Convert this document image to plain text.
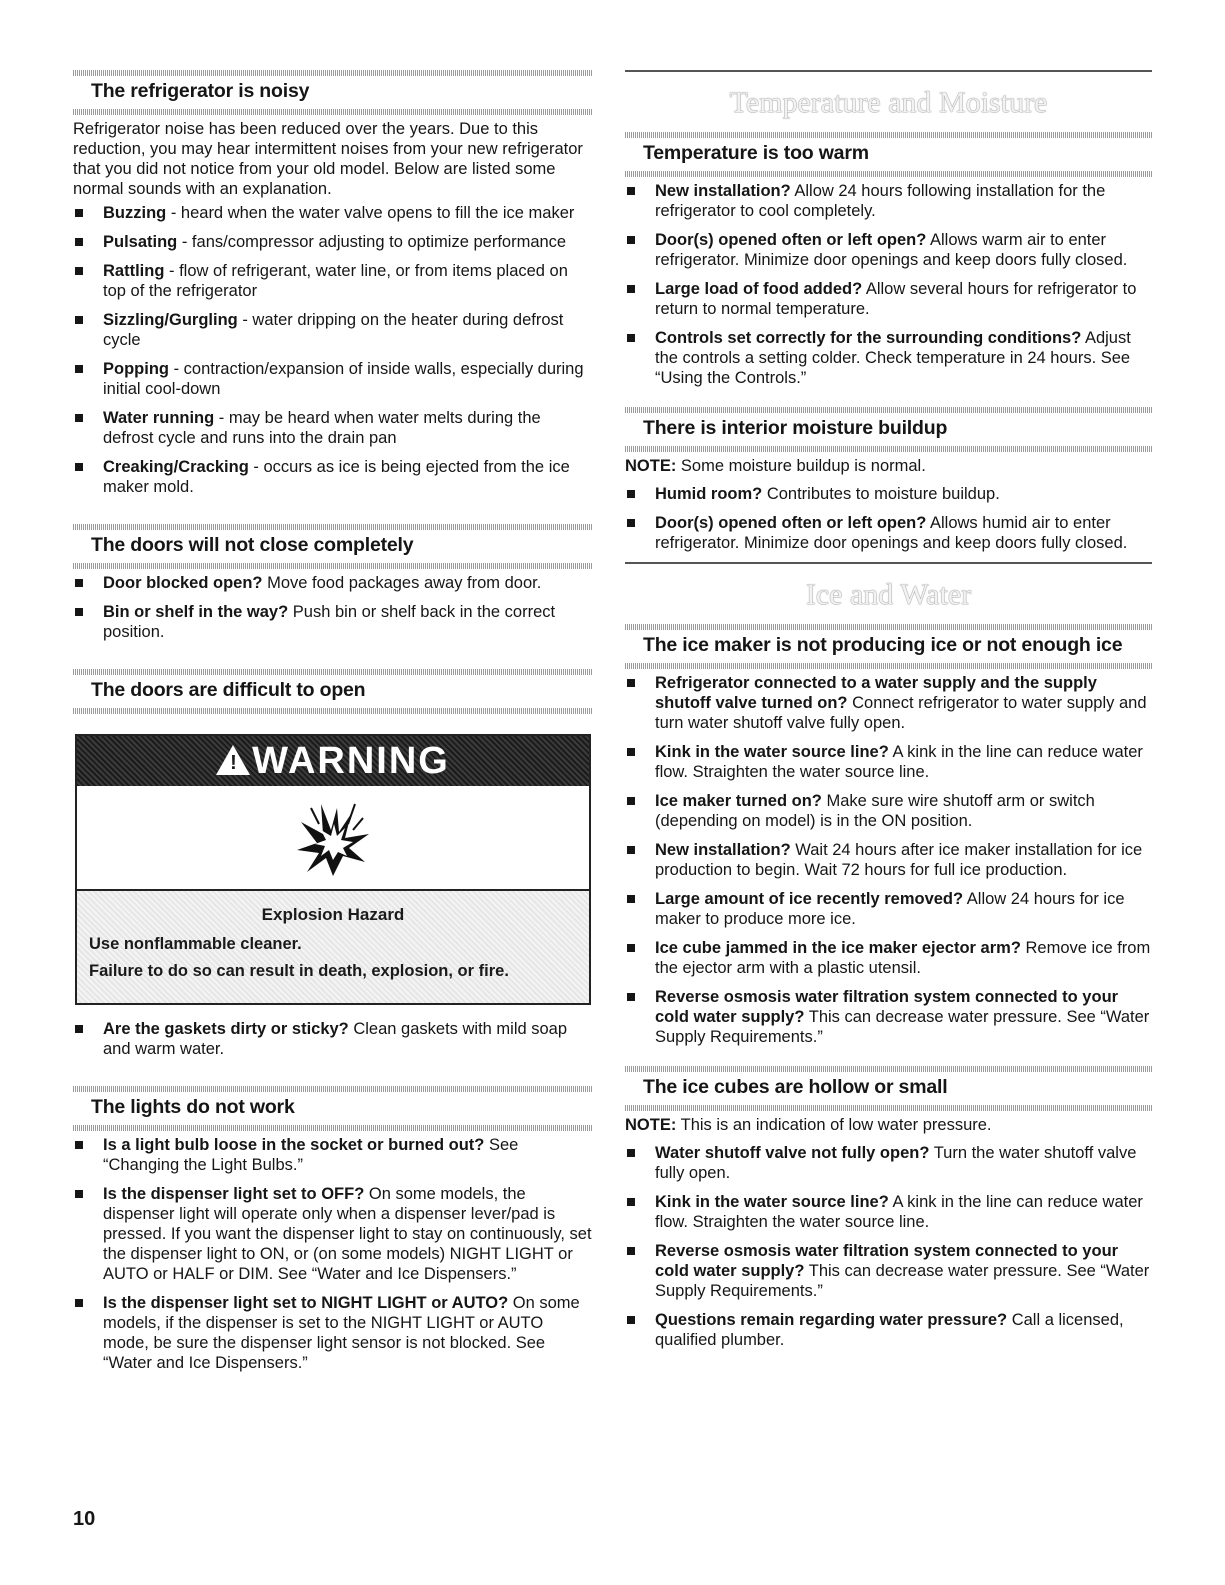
The refrigerator is noisy

Refrigerator noise has been reduced over the years. Due to this reduction, you may hear intermittent noises from your new refrigerator that you did not notice from your old model. Below are listed some normal sounds with an explanation.

Buzzing - heard when the water valve opens to fill the ice maker
Pulsating - fans/compressor adjusting to optimize performance
Rattling - flow of refrigerant, water line, or from items placed on top of the refrigerator
Sizzling/Gurgling - water dripping on the heater during defrost cycle
Popping - contraction/expansion of inside walls, especially during initial cool-down
Water running - may be heard when water melts during the defrost cycle and runs into the drain pan
Creaking/Cracking - occurs as ice is being ejected from the ice maker mold.
The doors will not close completely
Door blocked open? Move food packages away from door.
Bin or shelf in the way? Push bin or shelf back in the correct position.
The doors are difficult to open
! WARNING
Explosion Hazard
Use nonflammable cleaner.
Failure to do so can result in death, explosion, or fire.
Are the gaskets dirty or sticky? Clean gaskets with mild soap and warm water.
The lights do not work
Is a light bulb loose in the socket or burned out? See “Changing the Light Bulbs.”
Is the dispenser light set to OFF? On some models, the dispenser light will operate only when a dispenser lever/pad is pressed. If you want the dispenser light to stay on continuously, set the dispenser light to ON, or (on some models) NIGHT LIGHT or AUTO or HALF or DIM. See “Water and Ice Dispensers.”
Is the dispenser light set to NIGHT LIGHT or AUTO? On some models, if the dispenser is set to the NIGHT LIGHT or AUTO mode, be sure the dispenser light sensor is not blocked. See “Water and Ice Dispensers.”
Temperature and Moisture
Temperature is too warm
New installation? Allow 24 hours following installation for the refrigerator to cool completely.
Door(s) opened often or left open? Allows warm air to enter refrigerator. Minimize door openings and keep doors fully closed.
Large load of food added? Allow several hours for refrigerator to return to normal temperature.
Controls set correctly for the surrounding conditions? Adjust the controls a setting colder. Check temperature in 24 hours. See “Using the Controls.”
There is interior moisture buildup

NOTE: Some moisture buildup is normal.

Humid room? Contributes to moisture buildup.
Door(s) opened often or left open? Allows humid air to enter refrigerator. Minimize door openings and keep doors fully closed.
Ice and Water
The ice maker is not producing ice or not enough ice
Refrigerator connected to a water supply and the supply shutoff valve turned on? Connect refrigerator to water supply and turn water shutoff valve fully open.
Kink in the water source line? A kink in the line can reduce water flow. Straighten the water source line.
Ice maker turned on? Make sure wire shutoff arm or switch (depending on model) is in the ON position.
New installation? Wait 24 hours after ice maker installation for ice production to begin. Wait 72 hours for full ice production.
Large amount of ice recently removed? Allow 24 hours for ice maker to produce more ice.
Ice cube jammed in the ice maker ejector arm? Remove ice from the ejector arm with a plastic utensil.
Reverse osmosis water filtration system connected to your cold water supply? This can decrease water pressure. See “Water Supply Requirements.”
The ice cubes are hollow or small

NOTE: This is an indication of low water pressure.

Water shutoff valve not fully open? Turn the water shutoff valve fully open.
Kink in the water source line? A kink in the line can reduce water flow. Straighten the water source line.
Reverse osmosis water filtration system connected to your cold water supply? This can decrease water pressure. See “Water Supply Requirements.”
Questions remain regarding water pressure? Call a licensed, qualified plumber.
10
